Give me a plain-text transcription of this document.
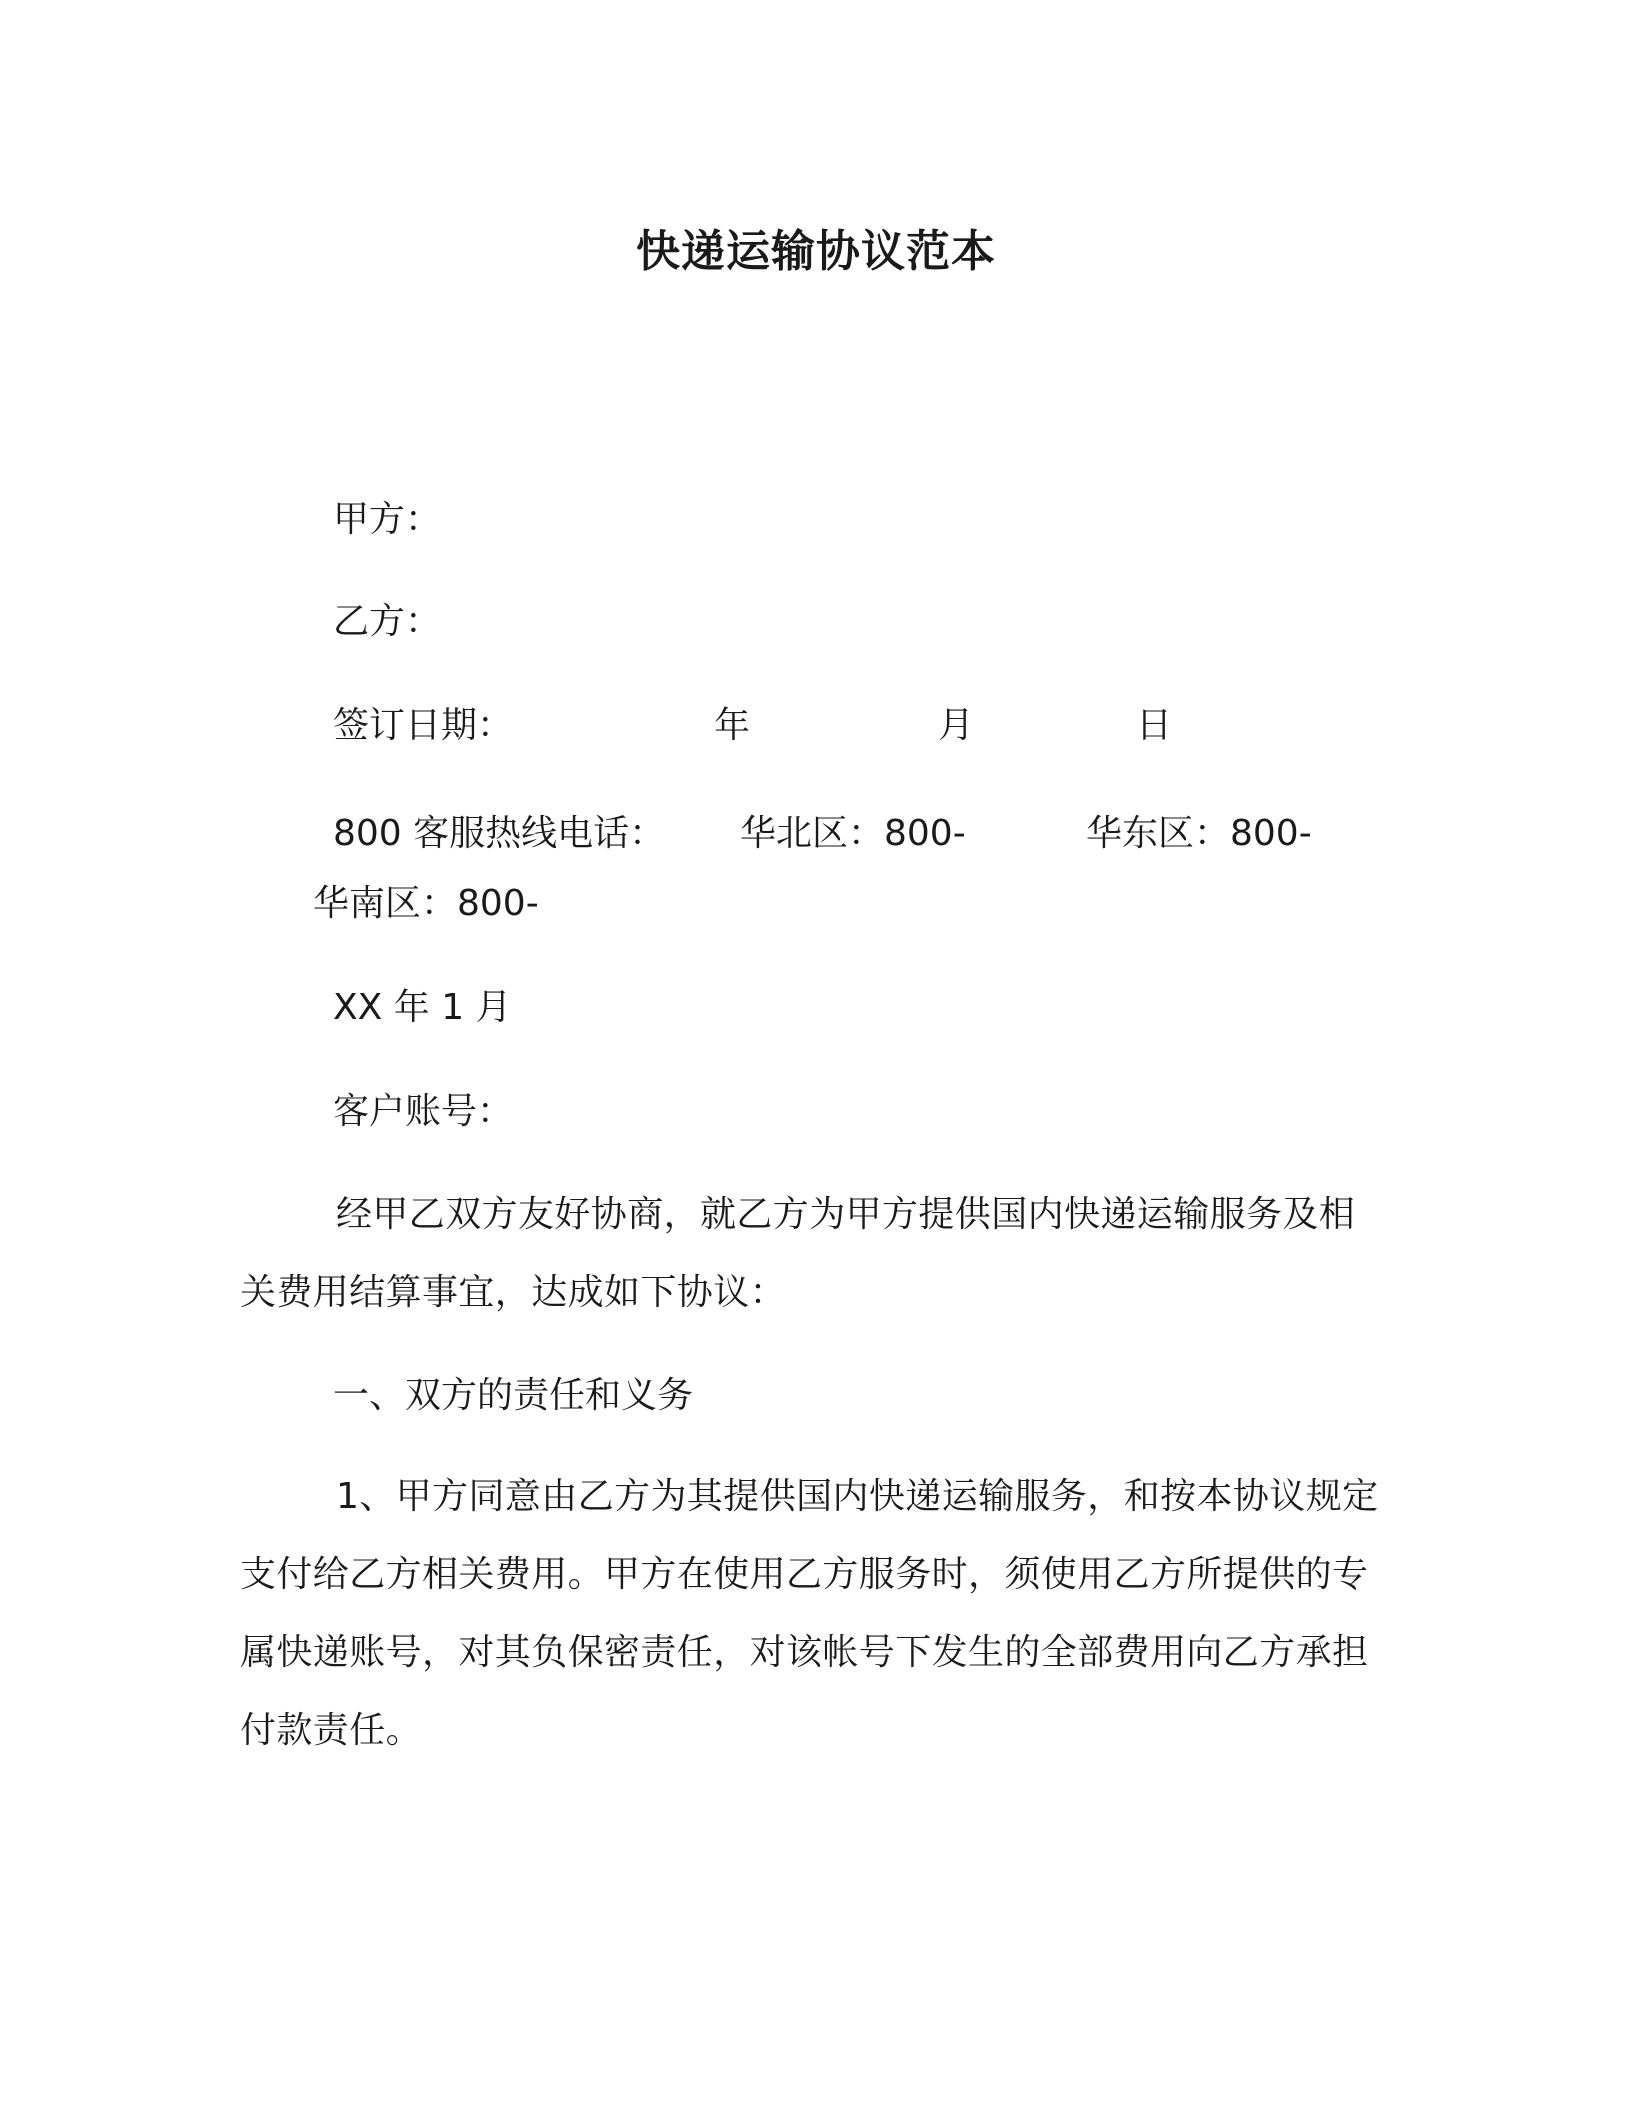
快递运输协议范本
甲方：
乙方：
签订日期：	年	月	日
800 客服热线电话： 华北区：800-	华东区：800-
华南区：800-
XX 年 1 月
客户账号：

经甲乙双方友好协商，就乙方为甲方提供国内快递运输服务及相关费用结算事宜，达成如下协议：

一、双方的责任和义务

1、甲方同意由乙方为其提供国内快递运输服务，和按本协议规定支付给乙方相关费用。甲方在使用乙方服务时，须使用乙方所提供的专属快递账号，对其负保密责任，对该帐号下发生的全部费用向乙方承担付款责任。
